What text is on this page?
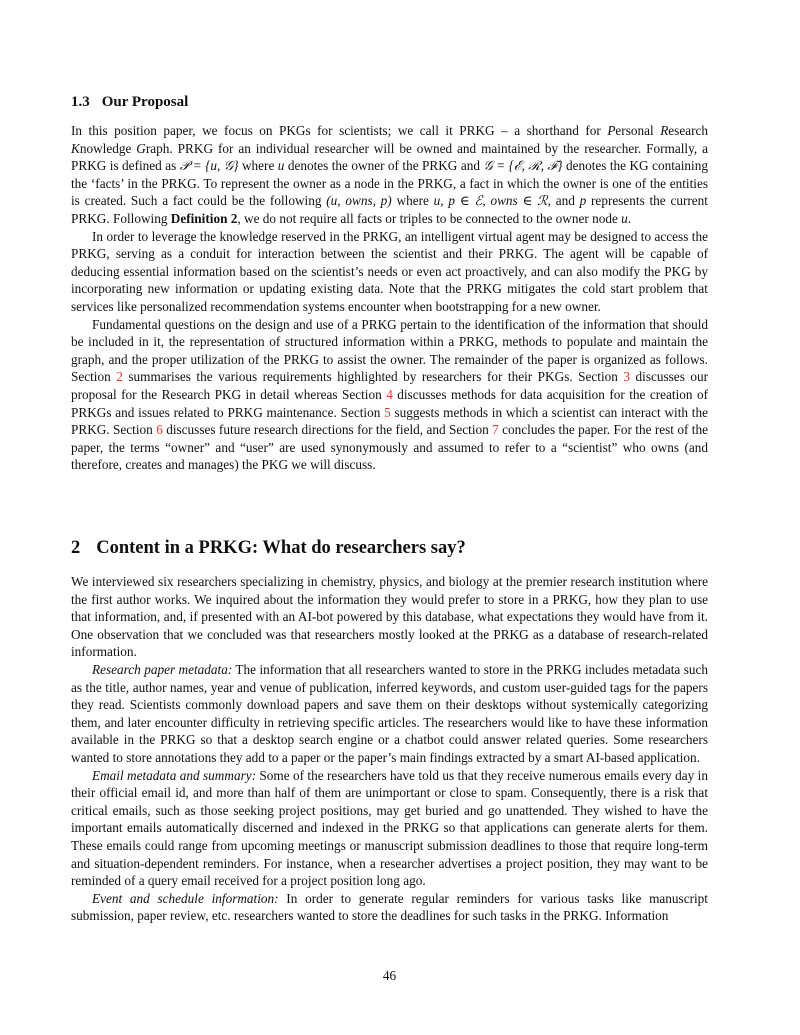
1.3 Our Proposal

In this position paper, we focus on PKGs for scientists; we call it PRKG – a shorthand for Personal Research Knowledge Graph. PRKG for an individual researcher will be owned and maintained by the researcher. Formally, a PRKG is defined as 𝒫 = {u, 𝒢} where u denotes the owner of the PRKG and 𝒢 = {ℰ, ℛ, ℱ} denotes the KG containing the ‘facts’ in the PRKG. To represent the owner as a node in the PRKG, a fact in which the owner is one of the entities is created. Such a fact could be the following (u, owns, p) where u, p ∈ ℰ, owns ∈ ℛ, and p represents the current PRKG. Following Definition 2, we do not require all facts or triples to be connected to the owner node u.

In order to leverage the knowledge reserved in the PRKG, an intelligent virtual agent may be designed to access the PRKG, serving as a conduit for interaction between the scientist and their PRKG. The agent will be capable of deducing essential information based on the scientist’s needs or even act proactively, and can also modify the PKG by incorporating new information or updating existing data. Note that the PRKG mitigates the cold start problem that services like personalized recommendation systems encounter when bootstrapping for a new owner.

Fundamental questions on the design and use of a PRKG pertain to the identification of the information that should be included in it, the representation of structured information within a PRKG, methods to populate and maintain the graph, and the proper utilization of the PRKG to assist the owner. The remainder of the paper is organized as follows. Section 2 summarises the various requirements highlighted by researchers for their PKGs. Section 3 discusses our proposal for the Research PKG in detail whereas Section 4 discusses methods for data acquisition for the creation of PRKGs and issues related to PRKG maintenance. Section 5 suggests methods in which a scientist can interact with the PRKG. Section 6 discusses future research directions for the field, and Section 7 concludes the paper. For the rest of the paper, the terms “owner” and “user” are used synonymously and assumed to refer to a “scientist” who owns (and therefore, creates and manages) the PKG we will discuss.

2 Content in a PRKG: What do researchers say?

We interviewed six researchers specializing in chemistry, physics, and biology at the premier research institution where the first author works. We inquired about the information they would prefer to store in a PRKG, how they plan to use that information, and, if presented with an AI-bot powered by this database, what expectations they would have from it. One observation that we concluded was that researchers mostly looked at the PRKG as a database of research-related information.

Research paper metadata: The information that all researchers wanted to store in the PRKG includes metadata such as the title, author names, year and venue of publication, inferred keywords, and custom user-guided tags for the papers they read. Scientists commonly download papers and save them on their desktops without systemically categorizing them, and later encounter difficulty in retrieving specific articles. The researchers would like to have these information available in the PRKG so that a desktop search engine or a chatbot could answer related queries. Some researchers wanted to store annotations they add to a paper or the paper’s main findings extracted by a smart AI-based application.

Email metadata and summary: Some of the researchers have told us that they receive numerous emails every day in their official email id, and more than half of them are unimportant or close to spam. Consequently, there is a risk that critical emails, such as those seeking project positions, may get buried and go unattended. They wished to have the important emails automatically discerned and indexed in the PRKG so that applications can generate alerts for them. These emails could range from upcoming meetings or manuscript submission deadlines to those that require long-term and situation-dependent reminders. For instance, when a researcher advertises a project position, they may want to be reminded of a query email received for a project position long ago.

Event and schedule information: In order to generate regular reminders for various tasks like manuscript submission, paper review, etc. researchers wanted to store the deadlines for such tasks in the PRKG. Information

46
